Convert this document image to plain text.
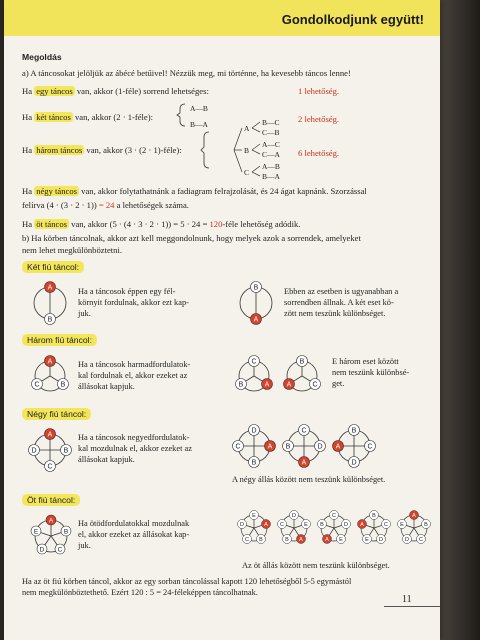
Gondolkodjunk együtt!
Megoldás
a) A táncosokat jelöljük az ábécé betűivel! Nézzük meg, mi történne, ha kevesebb táncos lenne!
Ha egy táncos van, akkor (1-féle) sorrend lehetséges:	1 lehetőség.
Ha két táncos van, akkor (2 · 1-féle):	2 lehetőség.
A—B
B—A	A
B
C
B—C
C—B
A—C
C—A
A—B
B—A
Ha három táncos van, akkor (3 · (2 · 1)-féle):	6 lehetőség.
Ha négy táncos van, akkor folytathatnánk a fadiagram felrajzolását, és 24 ágat kapnánk. Szorzással
felírva (4 · (3 · 2 · 1)) = 24 a lehetőségek száma.
Ha öt táncos van, akkor (5 · (4 · 3 · 2 · 1)) = 5 · 24 = 120-féle lehetőség adódik.
b) Ha körben táncolnak, akkor azt kell meggondolnunk, hogy melyek azok a sorrendek, amelyeket
nem lehet megkülönböztetni.
Két fiú táncol:
A
B
Ha a táncosok éppen egy fél-
környit fordulnak, akkor ezt kap-
juk.
B
A
Ebben az esetben is ugyanabban a
sorrendben állnak. A két eset kö-
zött nem teszünk különbséget.
Három fiú táncol:
A
C	B
Ha a táncosok harmadfordulatok-
kal fordulnak el, akkor ezeket az
állásokat kapjuk.
C
B	A
B
A	C
E három eset között
nem teszünk különbsé-
get.
Négy fiú táncol:
A
B
C
D
Ha a táncosok negyedfordulatok-
kal mozdulnak el, akkor ezeket az
állásokat kapjuk.
D
A
B
C
C
D
A
B
B
C
D
A
A négy állás között nem teszünk különbséget.
Öt fiú táncol:
A
B
C
D
E
Ha ötödfordulatokkal mozdulnak
el, akkor ezeket az állásokat kap-
juk.
E
A
B
C
D
D
E
A
B
C
C
D
E
A
B
B
C
D
E
A
A
B
C
D
E
Az öt állás között nem teszünk különbséget.
Ha az öt fiú körben táncol, akkor az egy sorban táncolással kapott 120 lehetőségből 5-5 egymástól
nem megkülönböztethető. Ezért 120 : 5 = 24-féleképpen táncolhatnak.
11
